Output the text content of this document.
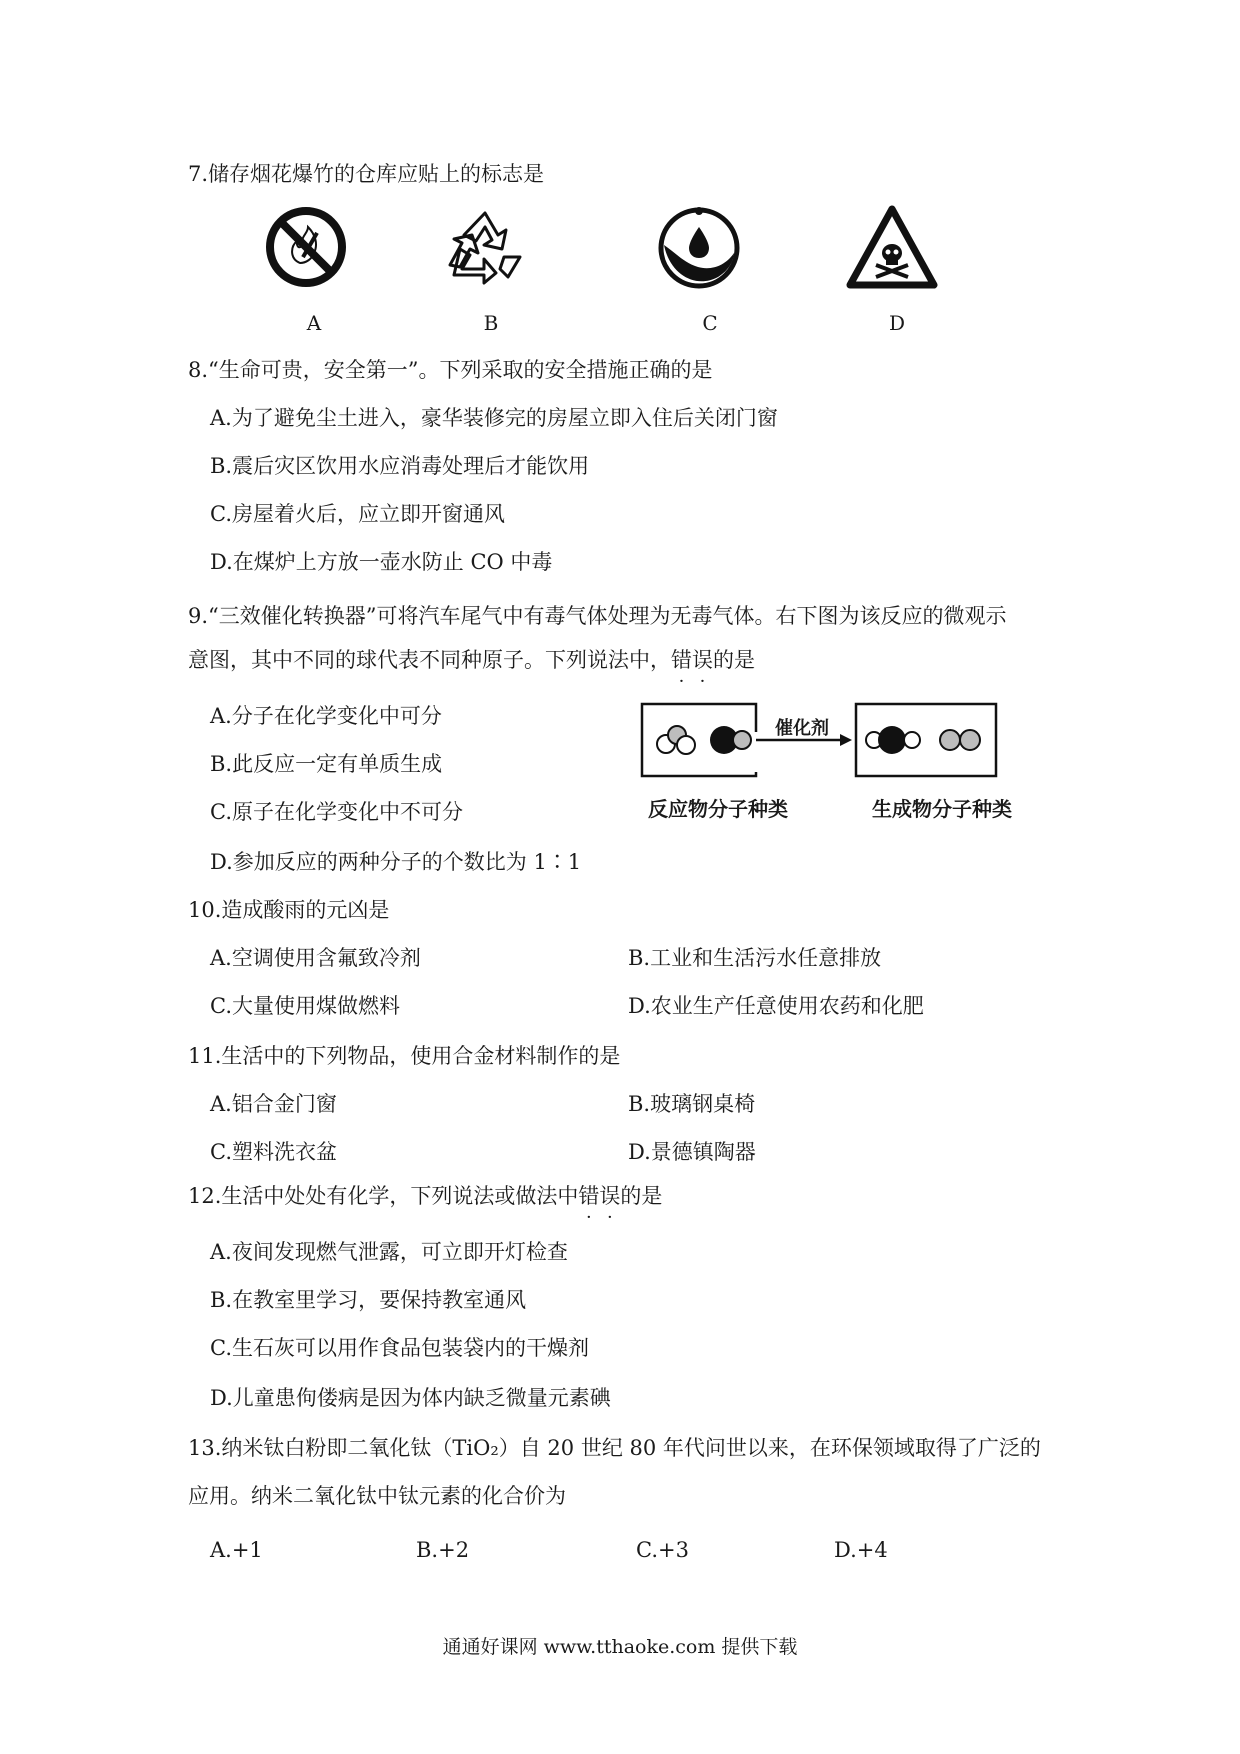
7.储存烟花爆竹的仓库应贴上的标志是
A	B	C	D
8.“生命可贵，安全第一”。下列采取的安全措施正确的是
A.为了避免尘土进入，豪华装修完的房屋立即入住后关闭门窗
B.震后灾区饮用水应消毒处理后才能饮用
C.房屋着火后，应立即开窗通风
D.在煤炉上方放一壶水防止 CO 中毒
9.“三效催化转换器”可将汽车尾气中有毒气体处理为无毒气体。右下图为该反应的微观示
意图，其中不同的球代表不同种原子。下列说法中，错误的是
A.分子在化学变化中可分
B.此反应一定有单质生成
C.原子在化学变化中不可分
D.参加反应的两种分子的个数比为 1∶1
催化剂
反应物分子种类	生成物分子种类
10.造成酸雨的元凶是
A.空调使用含氟致冷剂	B.工业和生活污水任意排放
C.大量使用煤做燃料	D.农业生产任意使用农药和化肥
11.生活中的下列物品，使用合金材料制作的是
A.铝合金门窗	B.玻璃钢桌椅
C.塑料洗衣盆	D.景德镇陶器
12.生活中处处有化学，下列说法或做法中错误的是
A.夜间发现燃气泄露，可立即开灯检查
B.在教室里学习，要保持教室通风
C.生石灰可以用作食品包装袋内的干燥剂
D.儿童患佝偻病是因为体内缺乏微量元素碘
13.纳米钛白粉即二氧化钛（TiO₂）自 20 世纪 80 年代问世以来，在环保领域取得了广泛的
应用。纳米二氧化钛中钛元素的化合价为
A.+1	B.+2	C.+3	D.+4
通通好课网 www.tthaoke.com 提供下载
